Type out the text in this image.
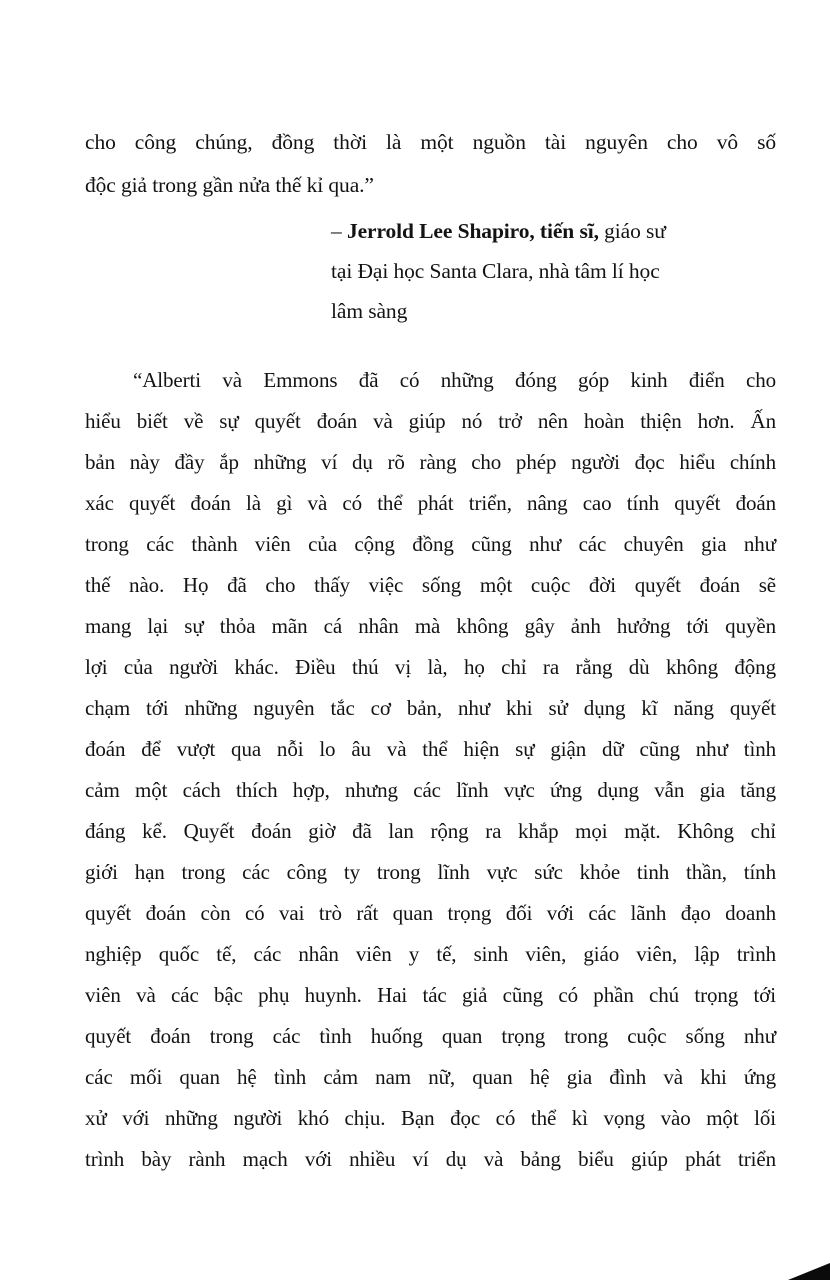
cho công chúng, đồng thời là một nguồn tài nguyên cho vô số
độc giả trong gần nửa thế kỉ qua.”
– Jerrold Lee Shapiro, tiến sĩ, giáo sư
tại Đại học Santa Clara, nhà tâm lí học
lâm sàng
“Alberti và Emmons đã có những đóng góp kinh điển cho
hiểu biết về sự quyết đoán và giúp nó trở nên hoàn thiện hơn. Ấn
bản này đầy ắp những ví dụ rõ ràng cho phép người đọc hiểu chính
xác quyết đoán là gì và có thể phát triển, nâng cao tính quyết đoán
trong các thành viên của cộng đồng cũng như các chuyên gia như
thế nào. Họ đã cho thấy việc sống một cuộc đời quyết đoán sẽ
mang lại sự thỏa mãn cá nhân mà không gây ảnh hưởng tới quyền
lợi của người khác. Điều thú vị là, họ chỉ ra rằng dù không động
chạm tới những nguyên tắc cơ bản, như khi sử dụng kĩ năng quyết
đoán để vượt qua nỗi lo âu và thể hiện sự giận dữ cũng như tình
cảm một cách thích hợp, nhưng các lĩnh vực ứng dụng vẫn gia tăng
đáng kể. Quyết đoán giờ đã lan rộng ra khắp mọi mặt. Không chỉ
giới hạn trong các công ty trong lĩnh vực sức khỏe tinh thần, tính
quyết đoán còn có vai trò rất quan trọng đối với các lãnh đạo doanh
nghiệp quốc tế, các nhân viên y tế, sinh viên, giáo viên, lập trình
viên và các bậc phụ huynh. Hai tác giả cũng có phần chú trọng tới
quyết đoán trong các tình huống quan trọng trong cuộc sống như
các mối quan hệ tình cảm nam nữ, quan hệ gia đình và khi ứng
xử với những người khó chịu. Bạn đọc có thể kì vọng vào một lối
trình bày rành mạch với nhiều ví dụ và bảng biểu giúp phát triển
